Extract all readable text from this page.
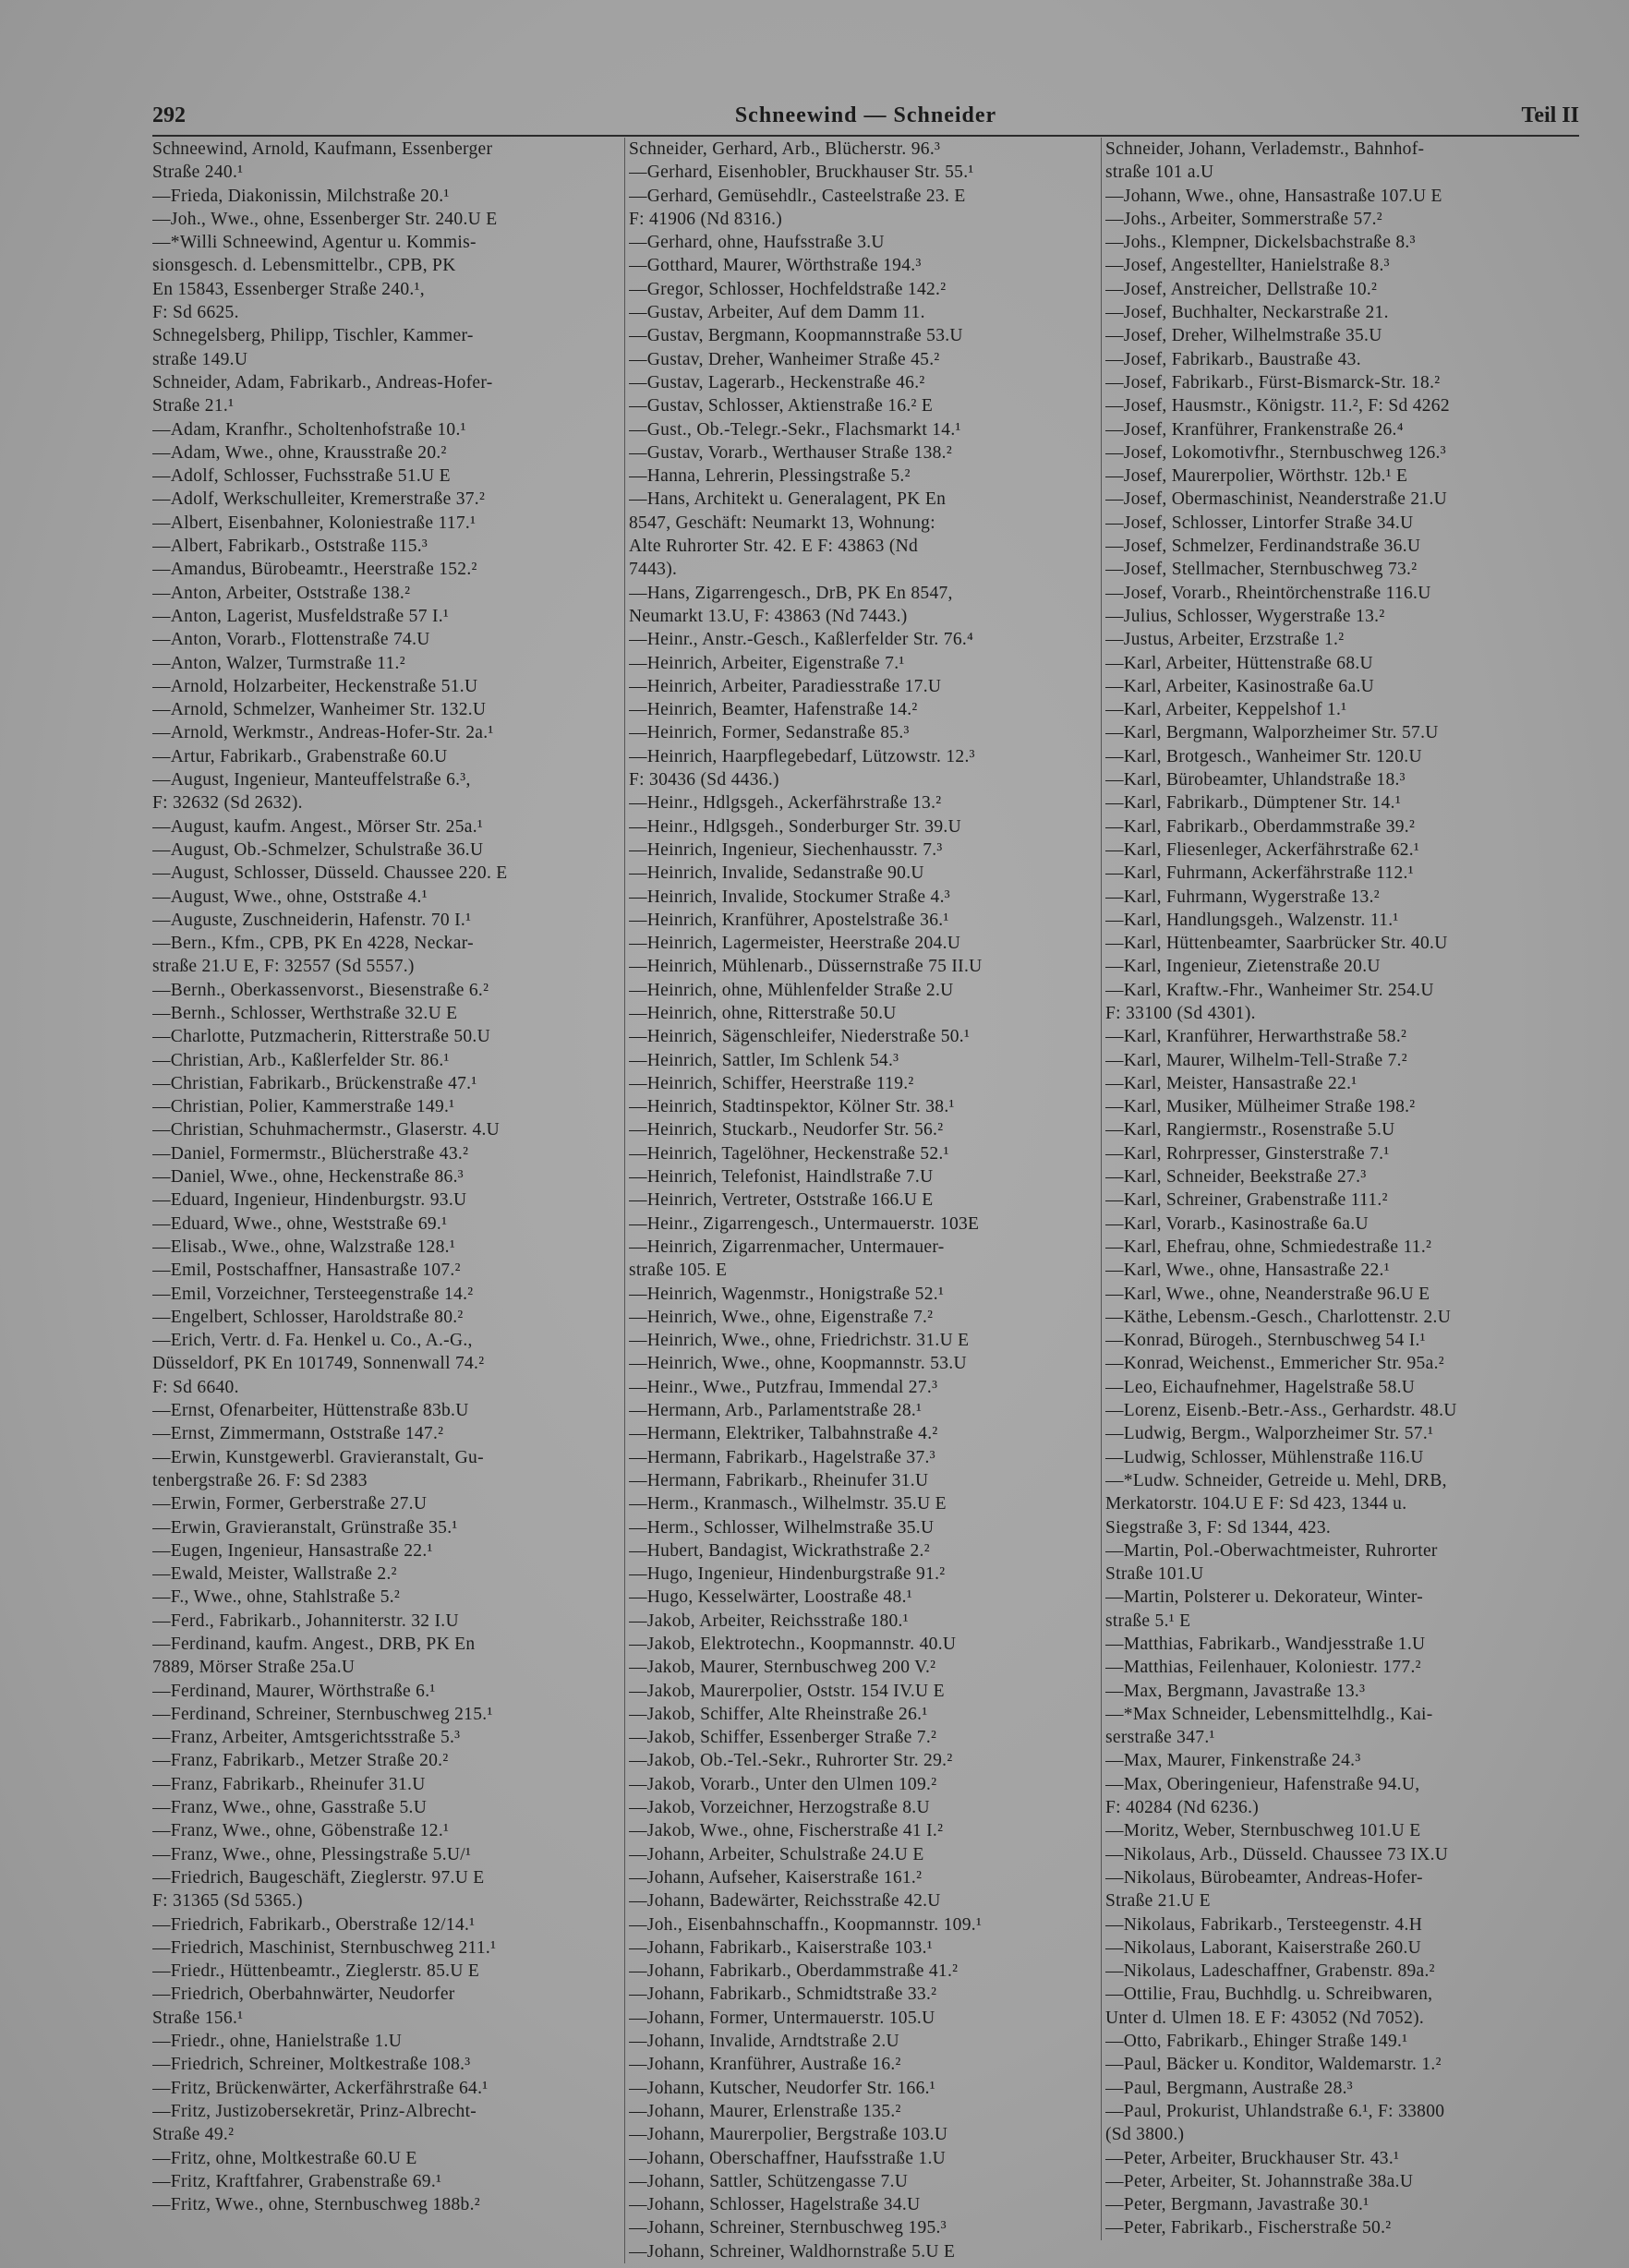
Schneewind — Schneider
292	Teil II
Schneewind, Arnold, Kaufmann, Essenberger
Straße 240.¹
—Frieda, Diakonissin, Milchstraße 20.¹
—Joh., Wwe., ohne, Essenberger Str. 240.U E
—*Willi Schneewind, Agentur u. Kommis-
sionsgesch. d. Lebensmittelbr., CPB, PK
En 15843, Essenberger Straße 240.¹,
F: Sd 6625.
Schnegelsberg, Philipp, Tischler, Kammer-
straße 149.U
Schneider, Adam, Fabrikarb., Andreas-Hofer-
Straße 21.¹
—Adam, Kranfhr., Scholtenhofstraße 10.¹
—Adam, Wwe., ohne, Krausstraße 20.²
—Adolf, Schlosser, Fuchsstraße 51.U E
—Adolf, Werkschulleiter, Kremerstraße 37.²
—Albert, Eisenbahner, Koloniestraße 117.¹
—Albert, Fabrikarb., Oststraße 115.³
—Amandus, Bürobeamtr., Heerstraße 152.²
—Anton, Arbeiter, Oststraße 138.²
—Anton, Lagerist, Musfeldstraße 57 I.¹
—Anton, Vorarb., Flottenstraße 74.U
—Anton, Walzer, Turmstraße 11.²
—Arnold, Holzarbeiter, Heckenstraße 51.U
—Arnold, Schmelzer, Wanheimer Str. 132.U
—Arnold, Werkmstr., Andreas-Hofer-Str. 2a.¹
—Artur, Fabrikarb., Grabenstraße 60.U
—August, Ingenieur, Manteuffelstraße 6.³,
F: 32632 (Sd 2632).
—August, kaufm. Angest., Mörser Str. 25a.¹
—August, Ob.-Schmelzer, Schulstraße 36.U
—August, Schlosser, Düsseld. Chaussee 220. E
—August, Wwe., ohne, Oststraße 4.¹
—Auguste, Zuschneiderin, Hafenstr. 70 I.¹
—Bern., Kfm., CPB, PK En 4228, Neckar-
straße 21.U E, F: 32557 (Sd 5557.)
—Bernh., Oberkassenvorst., Biesenstraße 6.²
—Bernh., Schlosser, Werthstraße 32.U E
—Charlotte, Putzmacherin, Ritterstraße 50.U
—Christian, Arb., Kaßlerfelder Str. 86.¹
—Christian, Fabrikarb., Brückenstraße 47.¹
—Christian, Polier, Kammerstraße 149.¹
—Christian, Schuhmachermstr., Glaserstr. 4.U
—Daniel, Formermstr., Blücherstraße 43.²
—Daniel, Wwe., ohne, Heckenstraße 86.³
—Eduard, Ingenieur, Hindenburgstr. 93.U
—Eduard, Wwe., ohne, Weststraße 69.¹
—Elisab., Wwe., ohne, Walzstraße 128.¹
—Emil, Postschaffner, Hansastraße 107.²
—Emil, Vorzeichner, Tersteegenstraße 14.²
—Engelbert, Schlosser, Haroldstraße 80.²
—Erich, Vertr. d. Fa. Henkel u. Co., A.-G.,
Düsseldorf, PK En 101749, Sonnenwall 74.²
F: Sd 6640.
—Ernst, Ofenarbeiter, Hüttenstraße 83b.U
—Ernst, Zimmermann, Oststraße 147.²
—Erwin, Kunstgewerbl. Gravieranstalt, Gu-
tenbergstraße 26. F: Sd 2383
—Erwin, Former, Gerberstraße 27.U
—Erwin, Gravieranstalt, Grünstraße 35.¹
—Eugen, Ingenieur, Hansastraße 22.¹
—Ewald, Meister, Wallstraße 2.²
—F., Wwe., ohne, Stahlstraße 5.²
—Ferd., Fabrikarb., Johanniterstr. 32 I.U
—Ferdinand, kaufm. Angest., DRB, PK En
7889, Mörser Straße 25a.U
—Ferdinand, Maurer, Wörthstraße 6.¹
—Ferdinand, Schreiner, Sternbuschweg 215.¹
—Franz, Arbeiter, Amtsgerichtsstraße 5.³
—Franz, Fabrikarb., Metzer Straße 20.²
—Franz, Fabrikarb., Rheinufer 31.U
—Franz, Wwe., ohne, Gasstraße 5.U
—Franz, Wwe., ohne, Göbenstraße 12.¹
—Franz, Wwe., ohne, Plessingstraße 5.U/¹
—Friedrich, Baugeschäft, Zieglerstr. 97.U E
F: 31365 (Sd 5365.)
—Friedrich, Fabrikarb., Oberstraße 12/14.¹
—Friedrich, Maschinist, Sternbuschweg 211.¹
—Friedr., Hüttenbeamtr., Zieglerstr. 85.U E
—Friedrich, Oberbahnwärter, Neudorfer
Straße 156.¹
—Friedr., ohne, Hanielstraße 1.U
—Friedrich, Schreiner, Moltkestraße 108.³
—Fritz, Brückenwärter, Ackerfährstraße 64.¹
—Fritz, Justizobersekretär, Prinz-Albrecht-
Straße 49.²
—Fritz, ohne, Moltkestraße 60.U E
—Fritz, Kraftfahrer, Grabenstraße 69.¹
—Fritz, Wwe., ohne, Sternbuschweg 188b.²
Schneider, Gerhard, Arb., Blücherstr. 96.³
—Gerhard, Eisenhobler, Bruckhauser Str. 55.¹
—Gerhard, Gemüsehdlr., Casteelstraße 23. E
F: 41906 (Nd 8316.)
—Gerhard, ohne, Haufsstraße 3.U
—Gotthard, Maurer, Wörthstraße 194.³
—Gregor, Schlosser, Hochfeldstraße 142.²
—Gustav, Arbeiter, Auf dem Damm 11.
—Gustav, Bergmann, Koopmannstraße 53.U
—Gustav, Dreher, Wanheimer Straße 45.²
—Gustav, Lagerarb., Heckenstraße 46.²
—Gustav, Schlosser, Aktienstraße 16.² E
—Gust., Ob.-Telegr.-Sekr., Flachsmarkt 14.¹
—Gustav, Vorarb., Werthauser Straße 138.²
—Hanna, Lehrerin, Plessingstraße 5.²
—Hans, Architekt u. Generalagent, PK En
8547, Geschäft: Neumarkt 13, Wohnung:
Alte Ruhrorter Str. 42. E F: 43863 (Nd
7443).
—Hans, Zigarrengesch., DrB, PK En 8547,
Neumarkt 13.U, F: 43863 (Nd 7443.)
—Heinr., Anstr.-Gesch., Kaßlerfelder Str. 76.⁴
—Heinrich, Arbeiter, Eigenstraße 7.¹
—Heinrich, Arbeiter, Paradiesstraße 17.U
—Heinrich, Beamter, Hafenstraße 14.²
—Heinrich, Former, Sedanstraße 85.³
—Heinrich, Haarpflegebedarf, Lützowstr. 12.³
F: 30436 (Sd 4436.)
—Heinr., Hdlgsgeh., Ackerfährstraße 13.²
—Heinr., Hdlgsgeh., Sonderburger Str. 39.U
—Heinrich, Ingenieur, Siechenhausstr. 7.³
—Heinrich, Invalide, Sedanstraße 90.U
—Heinrich, Invalide, Stockumer Straße 4.³
—Heinrich, Kranführer, Apostelstraße 36.¹
—Heinrich, Lagermeister, Heerstraße 204.U
—Heinrich, Mühlenarb., Düssernstraße 75 II.U
—Heinrich, ohne, Mühlenfelder Straße 2.U
—Heinrich, ohne, Ritterstraße 50.U
—Heinrich, Sägenschleifer, Niederstraße 50.¹
—Heinrich, Sattler, Im Schlenk 54.³
—Heinrich, Schiffer, Heerstraße 119.²
—Heinrich, Stadtinspektor, Kölner Str. 38.¹
—Heinrich, Stuckarb., Neudorfer Str. 56.²
—Heinrich, Tagelöhner, Heckenstraße 52.¹
—Heinrich, Telefonist, Haindlstraße 7.U
—Heinrich, Vertreter, Oststraße 166.U E
—Heinr., Zigarrengesch., Untermauerstr. 103E
—Heinrich, Zigarrenmacher, Untermauer-
straße 105. E
—Heinrich, Wagenmstr., Honigstraße 52.¹
—Heinrich, Wwe., ohne, Eigenstraße 7.²
—Heinrich, Wwe., ohne, Friedrichstr. 31.U E
—Heinrich, Wwe., ohne, Koopmannstr. 53.U
—Heinr., Wwe., Putzfrau, Immendal 27.³
—Hermann, Arb., Parlamentstraße 28.¹
—Hermann, Elektriker, Talbahnstraße 4.²
—Hermann, Fabrikarb., Hagelstraße 37.³
—Hermann, Fabrikarb., Rheinufer 31.U
—Herm., Kranmasch., Wilhelmstr. 35.U E
—Herm., Schlosser, Wilhelmstraße 35.U
—Hubert, Bandagist, Wickrathstraße 2.²
—Hugo, Ingenieur, Hindenburgstraße 91.²
—Hugo, Kesselwärter, Loostraße 48.¹
—Jakob, Arbeiter, Reichsstraße 180.¹
—Jakob, Elektrotechn., Koopmannstr. 40.U
—Jakob, Maurer, Sternbuschweg 200 V.²
—Jakob, Maurerpolier, Oststr. 154 IV.U E
—Jakob, Schiffer, Alte Rheinstraße 26.¹
—Jakob, Schiffer, Essenberger Straße 7.²
—Jakob, Ob.-Tel.-Sekr., Ruhrorter Str. 29.²
—Jakob, Vorarb., Unter den Ulmen 109.²
—Jakob, Vorzeichner, Herzogstraße 8.U
—Jakob, Wwe., ohne, Fischerstraße 41 I.²
—Johann, Arbeiter, Schulstraße 24.U E
—Johann, Aufseher, Kaiserstraße 161.²
—Johann, Badewärter, Reichsstraße 42.U
—Joh., Eisenbahnschaffn., Koopmannstr. 109.¹
—Johann, Fabrikarb., Kaiserstraße 103.¹
—Johann, Fabrikarb., Oberdammstraße 41.²
—Johann, Fabrikarb., Schmidtstraße 33.²
—Johann, Former, Untermauerstr. 105.U
—Johann, Invalide, Arndtstraße 2.U
—Johann, Kranführer, Austraße 16.²
—Johann, Kutscher, Neudorfer Str. 166.¹
—Johann, Maurer, Erlenstraße 135.²
—Johann, Maurerpolier, Bergstraße 103.U
—Johann, Oberschaffner, Haufsstraße 1.U
—Johann, Sattler, Schützengasse 7.U
—Johann, Schlosser, Hagelstraße 34.U
—Johann, Schreiner, Sternbuschweg 195.³
—Johann, Schreiner, Waldhornstraße 5.U E
Schneider, Johann, Verlademstr., Bahnhof-
straße 101 a.U
—Johann, Wwe., ohne, Hansastraße 107.U E
—Johs., Arbeiter, Sommerstraße 57.²
—Johs., Klempner, Dickelsbachstraße 8.³
—Josef, Angestellter, Hanielstraße 8.³
—Josef, Anstreicher, Dellstraße 10.²
—Josef, Buchhalter, Neckarstraße 21.
—Josef, Dreher, Wilhelmstraße 35.U
—Josef, Fabrikarb., Baustraße 43.
—Josef, Fabrikarb., Fürst-Bismarck-Str. 18.²
—Josef, Hausmstr., Königstr. 11.², F: Sd 4262
—Josef, Kranführer, Frankenstraße 26.⁴
—Josef, Lokomotivfhr., Sternbuschweg 126.³
—Josef, Maurerpolier, Wörthstr. 12b.¹ E
—Josef, Obermaschinist, Neanderstraße 21.U
—Josef, Schlosser, Lintorfer Straße 34.U
—Josef, Schmelzer, Ferdinandstraße 36.U
—Josef, Stellmacher, Sternbuschweg 73.²
—Josef, Vorarb., Rheintörchenstraße 116.U
—Julius, Schlosser, Wygerstraße 13.²
—Justus, Arbeiter, Erzstraße 1.²
—Karl, Arbeiter, Hüttenstraße 68.U
—Karl, Arbeiter, Kasinostraße 6a.U
—Karl, Arbeiter, Keppelshof 1.¹
—Karl, Bergmann, Walporzheimer Str. 57.U
—Karl, Brotgesch., Wanheimer Str. 120.U
—Karl, Bürobeamter, Uhlandstraße 18.³
—Karl, Fabrikarb., Dümptener Str. 14.¹
—Karl, Fabrikarb., Oberdammstraße 39.²
—Karl, Fliesenleger, Ackerfährstraße 62.¹
—Karl, Fuhrmann, Ackerfährstraße 112.¹
—Karl, Fuhrmann, Wygerstraße 13.²
—Karl, Handlungsgeh., Walzenstr. 11.¹
—Karl, Hüttenbeamter, Saarbrücker Str. 40.U
—Karl, Ingenieur, Zietenstraße 20.U
—Karl, Kraftw.-Fhr., Wanheimer Str. 254.U
F: 33100 (Sd 4301).
—Karl, Kranführer, Herwarthstraße 58.²
—Karl, Maurer, Wilhelm-Tell-Straße 7.²
—Karl, Meister, Hansastraße 22.¹
—Karl, Musiker, Mülheimer Straße 198.²
—Karl, Rangiermstr., Rosenstraße 5.U
—Karl, Rohrpresser, Ginsterstraße 7.¹
—Karl, Schneider, Beekstraße 27.³
—Karl, Schreiner, Grabenstraße 111.²
—Karl, Vorarb., Kasinostraße 6a.U
—Karl, Ehefrau, ohne, Schmiedestraße 11.²
—Karl, Wwe., ohne, Hansastraße 22.¹
—Karl, Wwe., ohne, Neanderstraße 96.U E
—Käthe, Lebensm.-Gesch., Charlottenstr. 2.U
—Konrad, Bürogeh., Sternbuschweg 54 I.¹
—Konrad, Weichenst., Emmericher Str. 95a.²
—Leo, Eichaufnehmer, Hagelstraße 58.U
—Lorenz, Eisenb.-Betr.-Ass., Gerhardstr. 48.U
—Ludwig, Bergm., Walporzheimer Str. 57.¹
—Ludwig, Schlosser, Mühlenstraße 116.U
—*Ludw. Schneider, Getreide u. Mehl, DRB,
Merkatorstr. 104.U E F: Sd 423, 1344 u.
Siegstraße 3, F: Sd 1344, 423.
—Martin, Pol.-Oberwachtmeister, Ruhrorter
Straße 101.U
—Martin, Polsterer u. Dekorateur, Winter-
straße 5.¹ E
—Matthias, Fabrikarb., Wandjesstraße 1.U
—Matthias, Feilenhauer, Koloniestr. 177.²
—Max, Bergmann, Javastraße 13.³
—*Max Schneider, Lebensmittelhdlg., Kai-
serstraße 347.¹
—Max, Maurer, Finkenstraße 24.³
—Max, Oberingenieur, Hafenstraße 94.U,
F: 40284 (Nd 6236.)
—Moritz, Weber, Sternbuschweg 101.U E
—Nikolaus, Arb., Düsseld. Chaussee 73 IX.U
—Nikolaus, Bürobeamter, Andreas-Hofer-
Straße 21.U E
—Nikolaus, Fabrikarb., Tersteegenstr. 4.H
—Nikolaus, Laborant, Kaiserstraße 260.U
—Nikolaus, Ladeschaffner, Grabenstr. 89a.²
—Ottilie, Frau, Buchhdlg. u. Schreibwaren,
Unter d. Ulmen 18. E F: 43052 (Nd 7052).
—Otto, Fabrikarb., Ehinger Straße 149.¹
—Paul, Bäcker u. Konditor, Waldemarstr. 1.²
—Paul, Bergmann, Austraße 28.³
—Paul, Prokurist, Uhlandstraße 6.¹, F: 33800
(Sd 3800.)
—Peter, Arbeiter, Bruckhauser Str. 43.¹
—Peter, Arbeiter, St. Johannstraße 38a.U
—Peter, Bergmann, Javastraße 30.¹
—Peter, Fabrikarb., Fischerstraße 50.²
